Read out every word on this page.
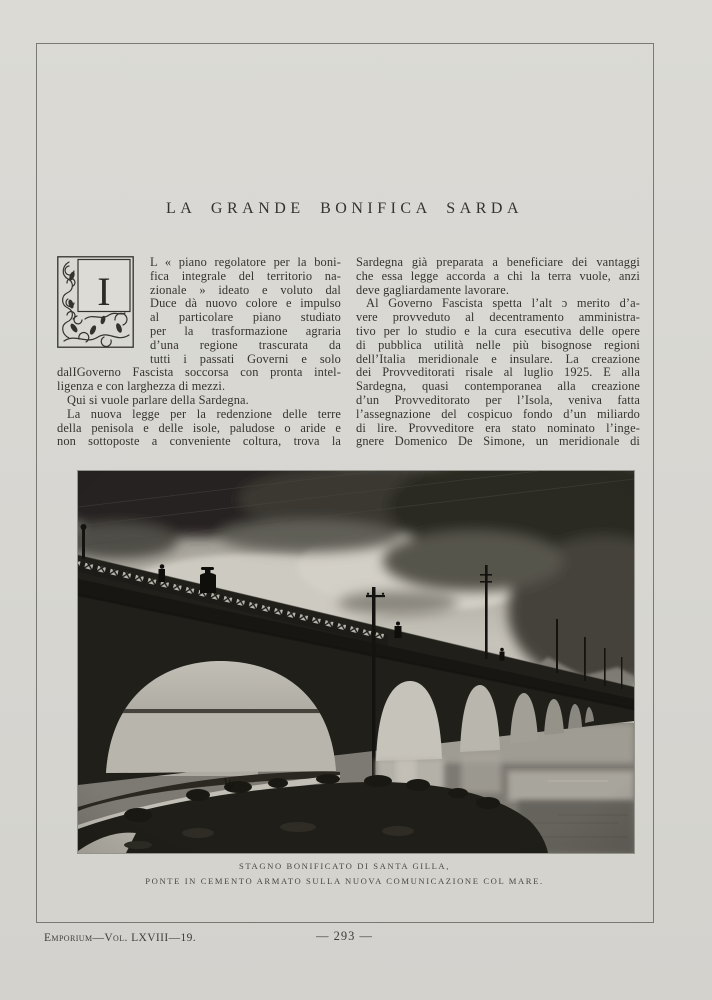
LA GRANDE BONIFICA SARDA
I
L « piano regolatore per la boni-
fica integrale del territorio na-
zionale » ideato e voluto dal
Duce dà nuovo colore e impulso
al particolare piano studiato
per la trasformazione agraria
d’una regione trascurata da
tutti i passati Governi e solo
dalIGoverno Fascista soccorsa con pronta intel-
ligenza e con larghezza di mezzi.
Qui si vuole parlare della Sardegna.
La nuova legge per la redenzione delle terre
della penisola e delle isole, paludose o aride e
non sottoposte a conveniente coltura, trova la
Sardegna già preparata a beneficiare dei vantaggi
che essa legge accorda a chi la terra vuole, anzi
deve gagliardamente lavorare.
Al Governo Fascista spetta l’alt ɔ merito d’a-
vere provveduto al decentramento amministra-
tivo per lo studio e la cura esecutiva delle opere
di pubblica utilità nelle più bisognose regioni
dell’Italia meridionale e insulare. La creazione
dei Provveditorati risale al luglio 1925. E alla
Sardegna, quasi contemporanea alla creazione
d’un Provveditorato per l’Isola, veniva fatta
l’assegnazione del cospicuo fondo d’un miliardo
di lire. Provveditore era stato nominato l’inge-
gnere Domenico De Simone, un meridionale di
STAGNO BONIFICATO DI SANTA GILLA,
PONTE IN CEMENTO ARMATO SULLA NUOVA COMUNICAZIONE COL MARE.
Emporium—Vol. LXVIII—19.	— 293 —
